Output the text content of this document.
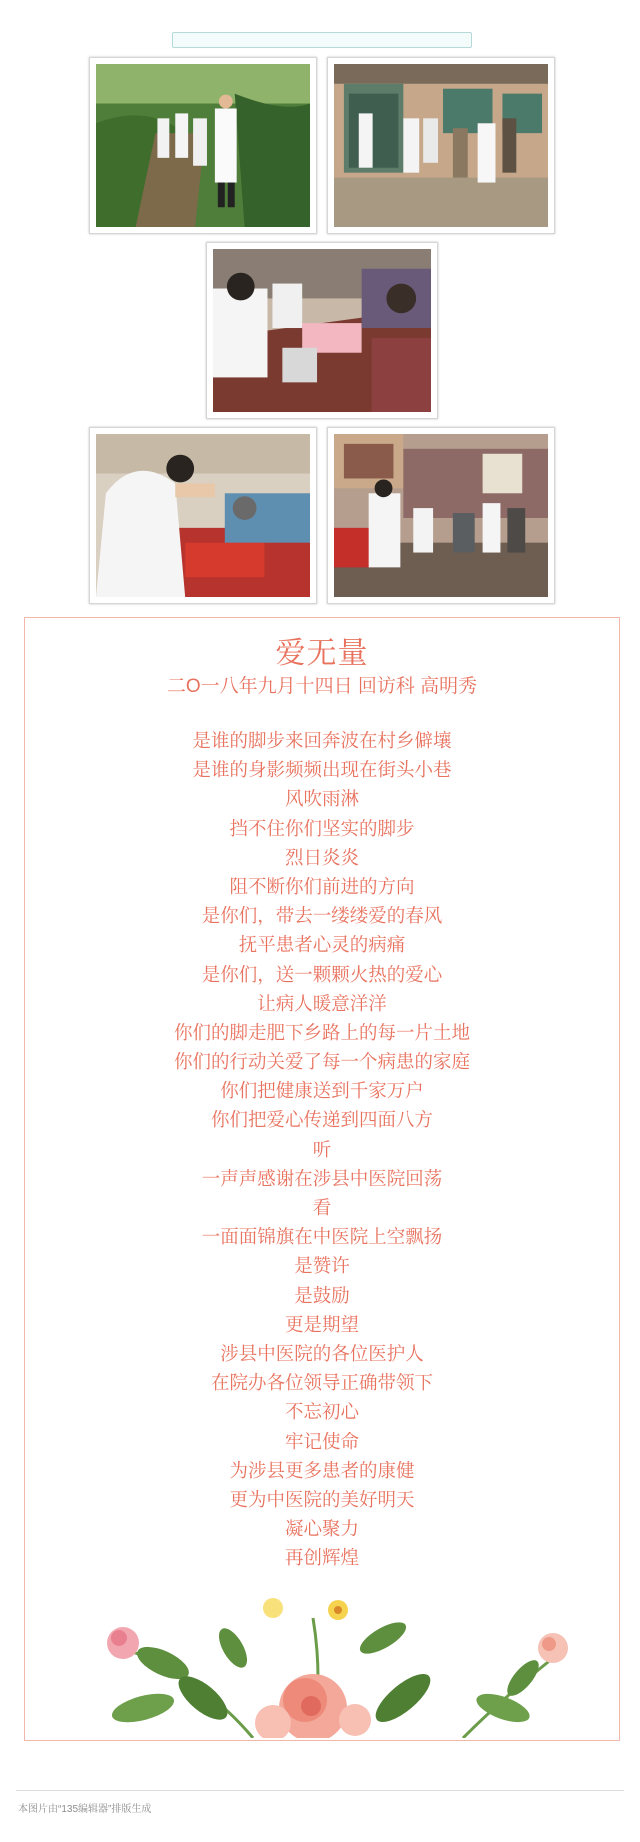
爱无量
二O一八年九月十四日 回访科 高明秀
是谁的脚步来回奔波在村乡僻壤
是谁的身影频频出现在街头小巷
风吹雨淋
挡不住你们坚实的脚步
烈日炎炎
阻不断你们前进的方向
是你们，带去一缕缕爱的春风
抚平患者心灵的病痛
是你们，送一颗颗火热的爱心
让病人暖意洋洋
你们的脚走肥下乡路上的每一片土地
你们的行动关爱了每一个病患的家庭
你们把健康送到千家万户
你们把爱心传递到四面八方
听
一声声感谢在涉县中医院回荡
看
一面面锦旗在中医院上空飘扬
是赞许
是鼓励
更是期望
涉县中医院的各位医护人
在院办各位领导正确带领下
不忘初心
牢记使命
为涉县更多患者的康健
更为中医院的美好明天
凝心聚力
再创辉煌
本图片由“135编辑器”排版生成
